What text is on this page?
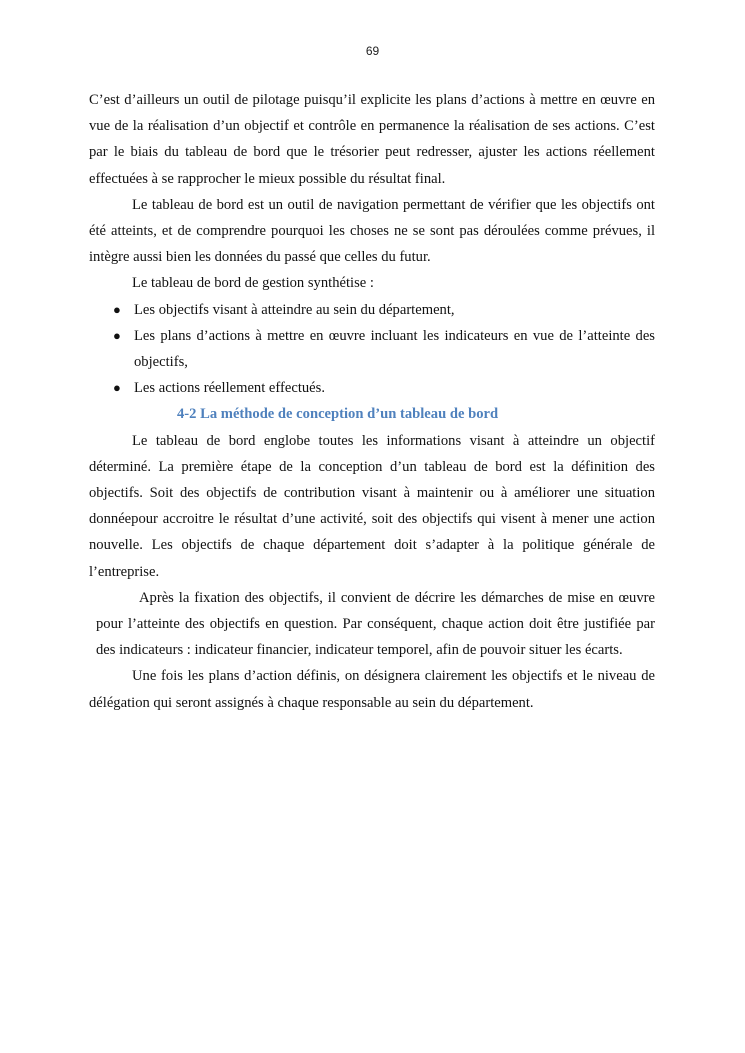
69

C’est d’ailleurs un outil de pilotage puisqu’il explicite les plans d’actions à mettre en œuvre en vue de la réalisation d’un objectif et contrôle en permanence la réalisation de ses actions. C’est par le biais du tableau de bord que le trésorier peut redresser, ajuster les actions réellement effectuées à se rapprocher le mieux possible du résultat final.

Le tableau de bord est un outil de navigation permettant de vérifier que les objectifs ont été atteints, et de comprendre pourquoi les choses ne se sont pas déroulées comme prévues, il intègre aussi bien les données du passé que celles du futur.

Le tableau de bord de gestion synthétise :

● Les objectifs visant à atteindre au sein du département,
● Les plans d’actions à mettre en œuvre incluant les indicateurs en vue de l’atteinte des objectifs,
● Les actions réellement effectués.

4-2 La méthode de conception d’un tableau de bord

Le tableau de bord englobe toutes les informations visant à atteindre un objectif déterminé. La première étape de la conception d’un tableau de bord est la définition des objectifs. Soit des objectifs de contribution visant à maintenir ou à améliorer une situation donnéepour accroitre le résultat d’une activité, soit des objectifs qui visent à mener une action nouvelle. Les objectifs de chaque département doit s’adapter à la politique générale de l’entreprise.

Après la fixation des objectifs, il convient de décrire les démarches de mise en œuvre pour l’atteinte des objectifs en question. Par conséquent, chaque action doit être justifiée par des indicateurs : indicateur financier, indicateur temporel, afin de pouvoir situer les écarts.

Une fois les plans d’action définis, on désignera clairement les objectifs et le niveau de délégation qui seront assignés à chaque responsable au sein du département.
